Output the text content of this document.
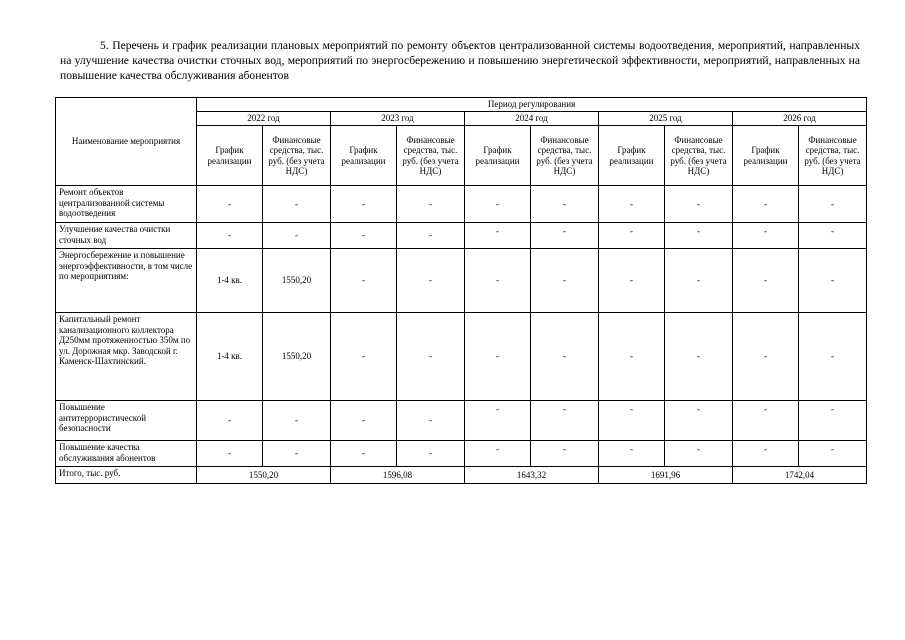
5. Перечень и график реализации плановых мероприятий по ремонту объектов централизованной системы водоотведения, мероприятий, направленных на улучшение качества очистки сточных вод, мероприятий по энергосбережению и повышению энергетической эффективности, мероприятий, направленных на повышение качества обслуживания абонентов
Наименование мероприятия	Период регулирования									
	2022 год		2023 год		2024 год		2025 год		2026 год	
	График реализации	Финансовые средства, тыс. руб. (без учета НДС)	График реализации	Финансовые средства, тыс. руб. (без учета НДС)	График реализации	Финансовые средства, тыс. руб. (без учета НДС)	График реализации	Финансовые средства, тыс. руб. (без учета НДС)	График реализации	Финансовые средства, тыс. руб. (без учета НДС)
Ремонт объектов централизованной системы водоотведения	-	-	-	-	-	-	-	-	-	-
Улучшение качества очистки сточных вод	-	-	-	-	-	-	-	-	-	-
Энергосбережение и повышение энергоэффективности, в том числе по мероприятиям:	1-4 кв.	1550,20	-	-	-	-	-	-	-	-
Капитальный ремонт канализационного коллектора Д250мм протяженностью 350м по ул. Дорожная мкр. Заводской г. Каменск-Шахтинский.	1-4 кв.	1550,20	-	-	-	-	-	-	-	-
Повышение антитеррористической безопасности	-	-	-	-	-	-	-	-	-	-
Повышение качества обслуживания абонентов	-	-	-	-	-	-	-	-	-	-
Итого, тыс. руб.	1550,20		1596,08		1643,32		1691,96		1742,04	
